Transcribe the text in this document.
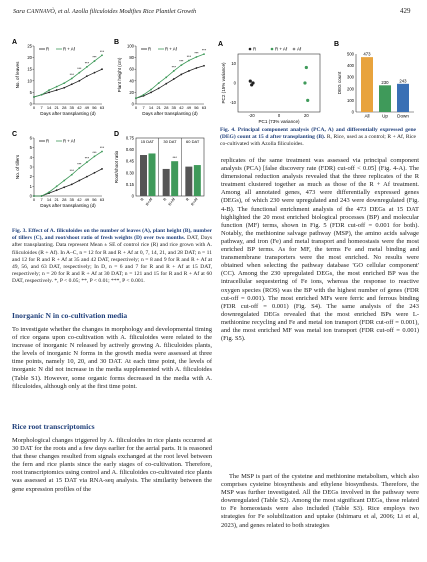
Sara CANNAVÒ, et al. Azolla filiculoides Modifies Rice Plantlet Growth	429
A
0
5
10
15
20
25
0 7 14 21 28 35 42 49 56 63
No. of leaves
Days after transplanting (d)
R	R + Af
***
***
***
***
***
B
0
20
40
60
80
100
0 7 14 21 28 35 42 49 56 63
Plant height (cm)
Days after transplanting (d)
R	R + Af
***
***
***
***
***
C
0
1
2
3
4
5
6
0 7 14 21 28 35 42 49 56 63
No. of tillers
Days after transplanting (d)
R	R + Af
***
***
***
***
***
D
0
0.15
0.30
0.45
0.60
0.75
Root/shoot ratio
15 DAT 30 DAT 60 DAT
R R+Af R R+Af R R+Af
***
Fig. 3. Effect of A. filiculoides on the number of leaves (A), plant height (B), number of tillers (C), and root/shoot ratio of fresh weights (D) over two months. DAT, Days after transplanting. Data represent Mean ± SE of control rice (R) and rice grown with A. filiculoides (R + Af). In A–C, n = 12 for R and R + Af at 0, 7, 14, 21, and 28 DAT; n = 11 and 12 for R and R + Af at 35 and 42 DAT, respectively; n = 8 and 9 for R and R + Af at 49, 56, and 63 DAT, respectively; In D, n = 6 and 7 for R and R + Af at 15 DAT, respectively; n = 20 for R and R + Af at 30 DAT; n = 121 and 15 for R and R + Af at 60 DAT, respectively. *, P < 0.05; **, P < 0.01; ***, P < 0.001.
A
R	R + Af Af
-20	0	20
10
0
-10
PC1 (73% variance)
PC2 (15% variance)
B
0
100
200
300
400
500
DEG count
473
All
230
Up
243
Down
Fig. 4. Principal component analysis (PCA, A) and differentially expressed gene (DEG) count at 15 d after transplanting (B). R, Rice, used as a control; R + Af, Rice co-cultivated with Azolla filiculoides.
Inorganic N in co-cultivation media
To investigate whether the changes in morphology and developmental timing of rice organs upon co-cultivation with A. filiculoides were related to the increase of inorganic N released by actively growing A. filiculoides plants, the levels of inorganic N forms in the growth media were assessed at three time points, namely 10, 20, and 30 DAT. At each time point, the levels of inorganic N did not increase in the media supplemented with A. filiculoides (Table S1). However, some organic forms decreased in the media with A. filiculoides, although only at the first time point.
Rice root transcriptomics
Morphological changes triggered by A. filiculoides in rice plants occurred at 30 DAT for the roots and a few days earlier for the aerial parts. It is reasoned that these changes resulted from signals exchanged at the root level between the fern and rice plants since the early stages of co-cultivation. Therefore, root transcriptomics using control and A. filiculoides co-cultivated rice plants was assessed at 15 DAT via RNA-seq analysis. The similarity between the gene expression profiles of the
replicates of the same treatment was assessed via principal component analysis (PCA) [false discovery rate (FDR) cut-off < 0.05] (Fig. 4-A). The dimensional reduction analysis revealed that the three replicates of the R treatment clustered together as much as those of the R + Af treatment. Among all annotated genes, 473 were differentially expressed genes (DEGs), of which 230 were upregulated and 243 were downregulated (Fig. 4-B). The functional enrichment analysis of the 473 DEGs at 15 DAT highlighted the 20 most enriched biological processes (BP) and molecular function (MF) terms, shown in Fig. 5 (FDR cut-off = 0.001 for both). Notably, the methionine salvage pathway (MSP), the amino acids salvage pathway, and iron (Fe) and metal transport and homeostasis were the most enriched BP terms. As for MF, the terms Fe and metal binding and transmembrane transporters were the most enriched. No results were obtained when selecting the pathway database 'GO cellular component' (CC). Among the 230 upregulated DEGs, the most enriched BP was the intracellular sequestering of Fe ions, whereas the response to reactive oxygen species (ROS) was the BP with the highest number of genes (FDR cut-off = 0.001). The most enriched MFs were ferric and ferrous binding (FDR cut-off = 0.001) (Fig. S4). The same analysis of the 243 downregulated DEGs revealed that the most enriched BPs were L-methionine recycling and Fe and metal ion transport (FDR cut-off = 0.001), and the most enriched MF was metal ion transport (FDR cut-off = 0.001) (Fig. S5).
The MSP is part of the cysteine and methionine metabolism, which also comprises cysteine biosynthesis and ethylene biosynthesis. Therefore, the MSP was further investigated. All the DEGs involved in the pathway were downregulated (Table S2). Among the most significant DEGs, those related to Fe homeostasis were also included (Table S3). Rice employs two strategies for Fe solubilization and uptake (Ishimaru et al, 2006; Li et al, 2023), and genes related to both strategies
